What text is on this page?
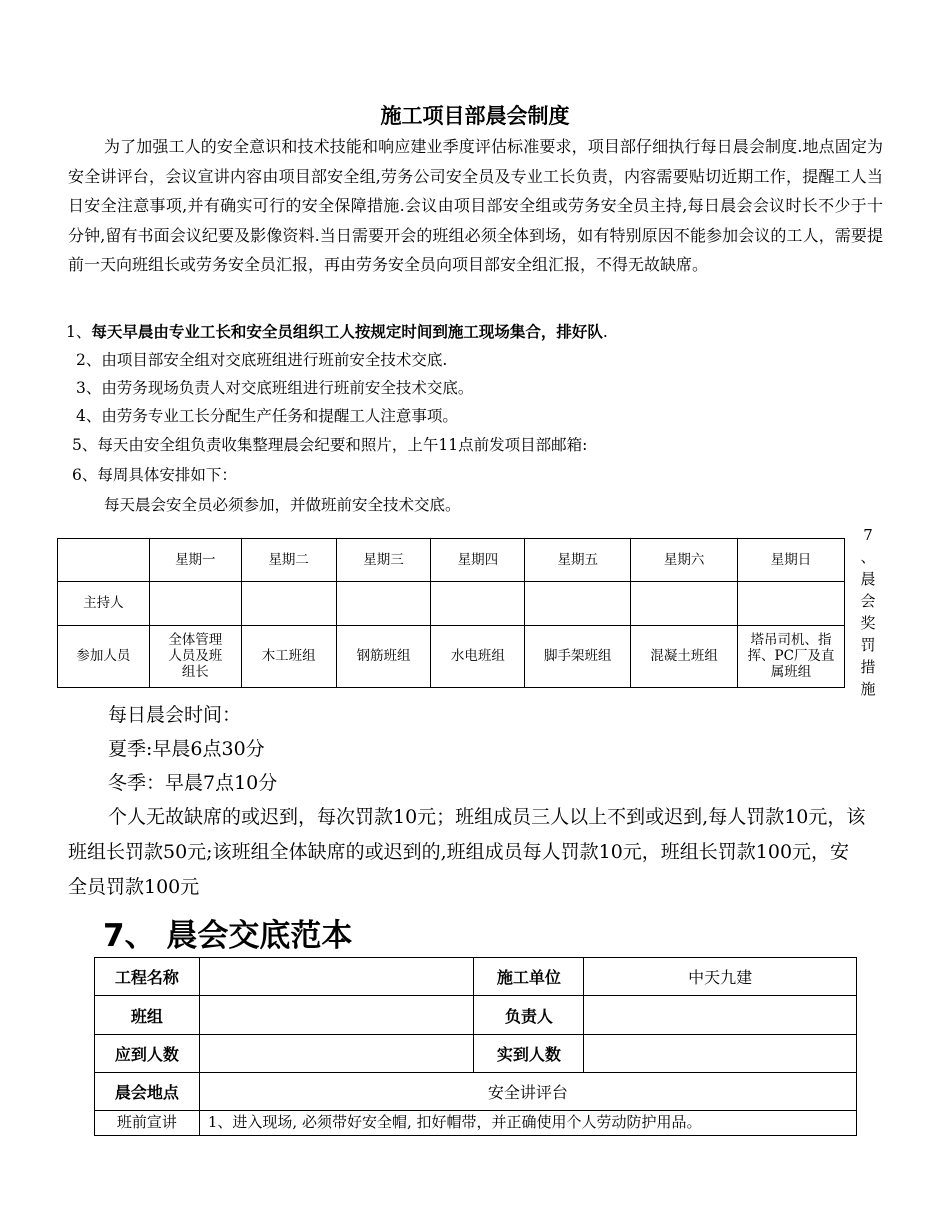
施工项目部晨会制度
为了加强工人的安全意识和技术技能和响应建业季度评估标准要求，项目部仔细执行每日晨会制度.地点固定为安全讲评台，会议宣讲内容由项目部安全组,劳务公司安全员及专业工长负责，内容需要贴切近期工作，提醒工人当日安全注意事项,并有确实可行的安全保障措施.会议由项目部安全组或劳务安全员主持,每日晨会会议时长不少于十分钟,留有书面会议纪要及影像资料.当日需要开会的班组必须全体到场，如有特别原因不能参加会议的工人，需要提前一天向班组长或劳务安全员汇报，再由劳务安全员向项目部安全组汇报，不得无故缺席。
1、每天早晨由专业工长和安全员组织工人按规定时间到施工现场集合，排好队.
2、由项目部安全组对交底班组进行班前安全技术交底.
3、由劳务现场负责人对交底班组进行班前安全技术交底。
4、由劳务专业工长分配生产任务和提醒工人注意事项。
5、每天由安全组负责收集整理晨会纪要和照片，上午11点前发项目部邮箱:
6、每周具体安排如下：
每天晨会安全员必须参加，并做班前安全技术交底。
	星期一	星期二	星期三	星期四	星期五	星期六	星期日
主持人							
参加人员	全体管理人员及班组长	木工班组	钢筋班组	水电班组	脚手架班组	混凝土班组	塔吊司机、指挥、PC厂及直属班组
7
、
晨
会
奖
罚
措
施
每日晨会时间：
夏季:早晨6点30分
冬季：早晨7点10分
个人无故缺席的或迟到，每次罚款10元；班组成员三人以上不到或迟到,每人罚款10元，该班组长罚款50元;该班组全体缺席的或迟到的,班组成员每人罚款10元，班组长罚款100元，安全员罚款100元
7、 晨会交底范本
工程名称		施工单位	中天九建
班组		负责人	
应到人数		实到人数	
晨会地点	安全讲评台		
班前宣讲	1、进入现场, 必须带好安全帽, 扣好帽带，并正确使用个人劳动防护用品。		
